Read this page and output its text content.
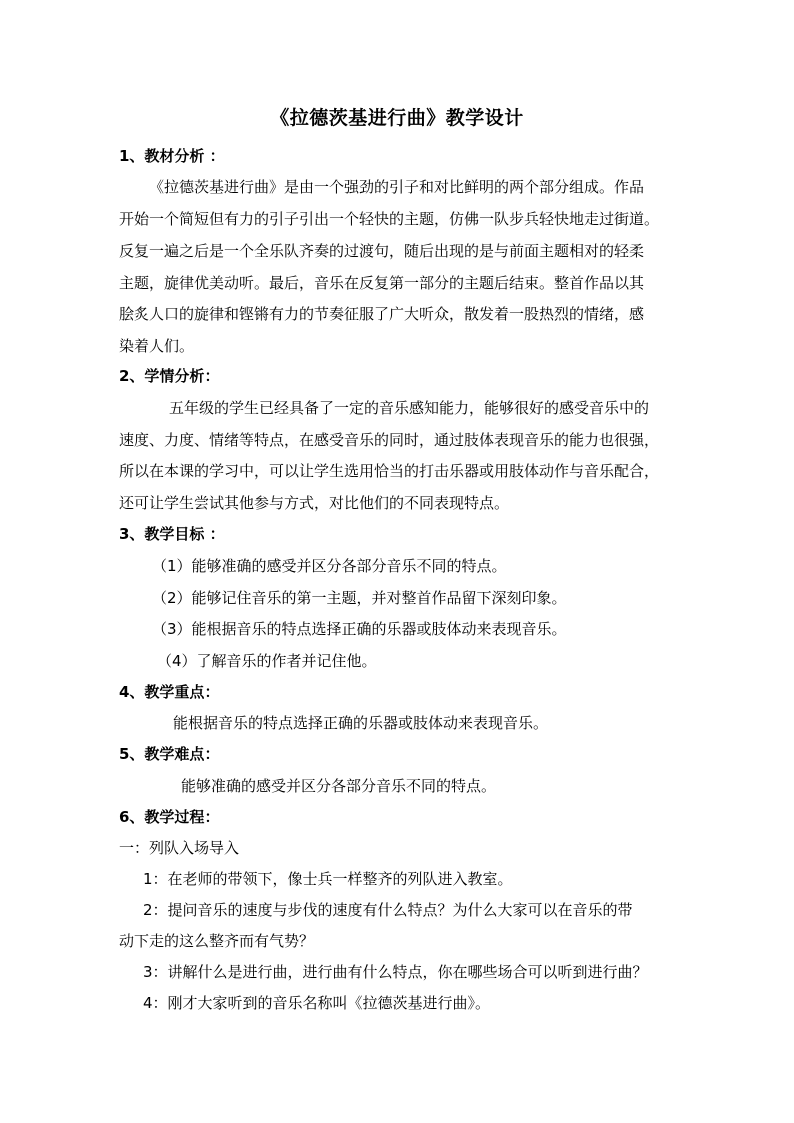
《拉德茨基进行曲》教学设计
1、教材分析 ：
《拉德茨基进行曲》是由一个强劲的引子和对比鲜明的两个部分组成。作品
开始一个简短但有力的引子引出一个轻快的主题，仿佛一队步兵轻快地走过街道。
反复一遍之后是一个全乐队齐奏的过渡句，随后出现的是与前面主题相对的轻柔
主题，旋律优美动听。最后，音乐在反复第一部分的主题后结束。整首作品以其
脍炙人口的旋律和铿锵有力的节奏征服了广大听众，散发着一股热烈的情绪，感
染着人们。
2、学情分析：
五年级的学生已经具备了一定的音乐感知能力，能够很好的感受音乐中的
速度、力度、情绪等特点，在感受音乐的同时，通过肢体表现音乐的能力也很强，
所以在本课的学习中，可以让学生选用恰当的打击乐器或用肢体动作与音乐配合，
还可让学生尝试其他参与方式，对比他们的不同表现特点。
3、教学目标 ：
（1）能够准确的感受并区分各部分音乐不同的特点。
（2）能够记住音乐的第一主题，并对整首作品留下深刻印象。
（3）能根据音乐的特点选择正确的乐器或肢体动来表现音乐。
（4）了解音乐的作者并记住他。
4、教学重点：
能根据音乐的特点选择正确的乐器或肢体动来表现音乐。
5、教学难点：
能够准确的感受并区分各部分音乐不同的特点。
6、教学过程：
一：列队入场导入
1：在老师的带领下，像士兵一样整齐的列队进入教室。
2：提问音乐的速度与步伐的速度有什么特点？为什么大家可以在音乐的带
动下走的这么整齐而有气势？
3：讲解什么是进行曲，进行曲有什么特点，你在哪些场合可以听到进行曲？
4：刚才大家听到的音乐名称叫《拉德茨基进行曲》。
